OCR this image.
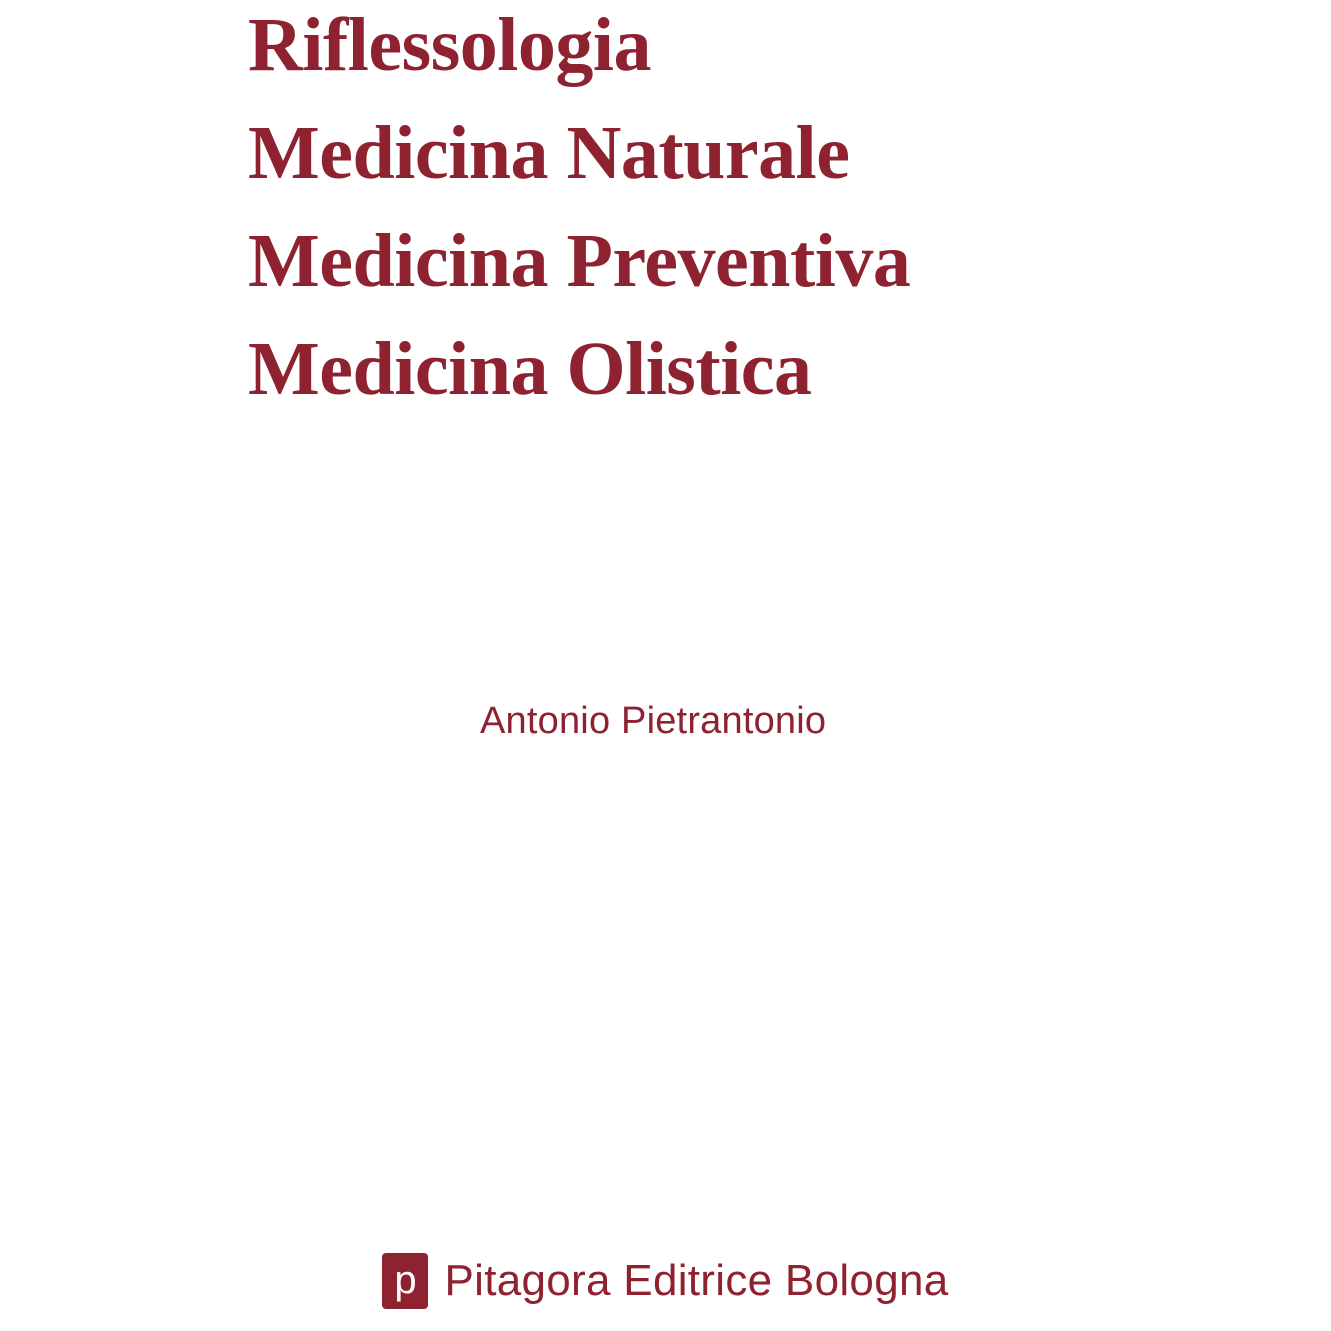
Riflessologia
Medicina Naturale
Medicina Preventiva
Medicina Olistica
Antonio Pietrantonio
p
Pitagora Editrice Bologna
